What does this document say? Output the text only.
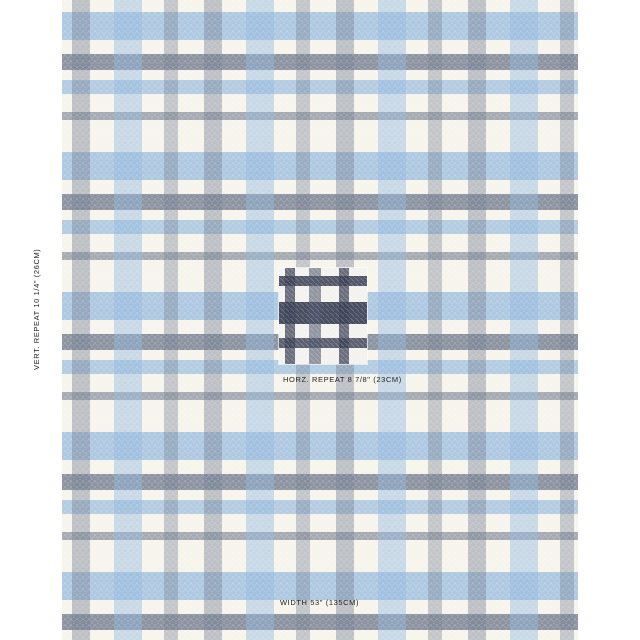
HORZ. REPEAT 8 7/8" (23CM)
WIDTH 53" (135CM)
VERT. REPEAT 10 1/4" (26CM)
